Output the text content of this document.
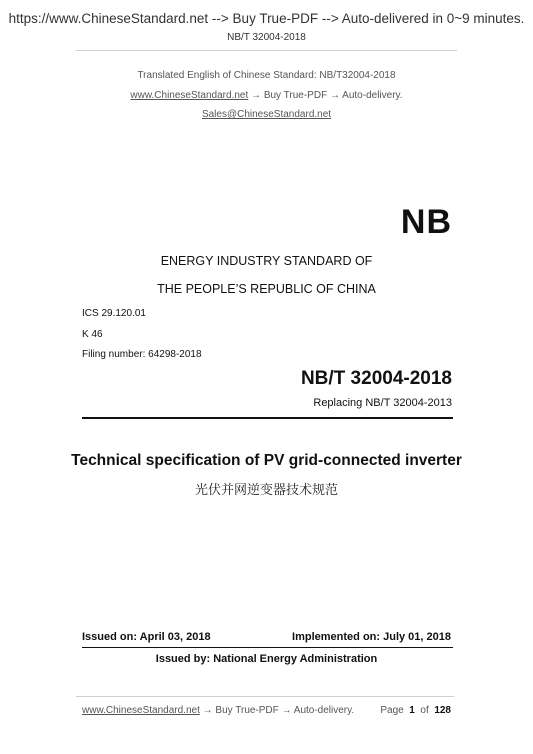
https://www.ChineseStandard.net --> Buy True-PDF --> Auto-delivered in 0~9 minutes.
NB/T 32004-2018
Translated English of Chinese Standard: NB/T32004-2018
www.ChineseStandard.net → Buy True-PDF → Auto-delivery.
Sales@ChineseStandard.net
NB
ENERGY INDUSTRY STANDARD OF
THE PEOPLE’S REPUBLIC OF CHINA
ICS 29.120.01
K 46
Filing number: 64298-2018
NB/T 32004-2018
Replacing NB/T 32004-2013
Technical specification of PV grid-connected inverter
光伏并网逆变器技术规范
Issued on: April 03, 2018	Implemented on: July 01, 2018
Issued by: National Energy Administration
www.ChineseStandard.net → Buy True-PDF → Auto-delivery.	Page 1 of 128
